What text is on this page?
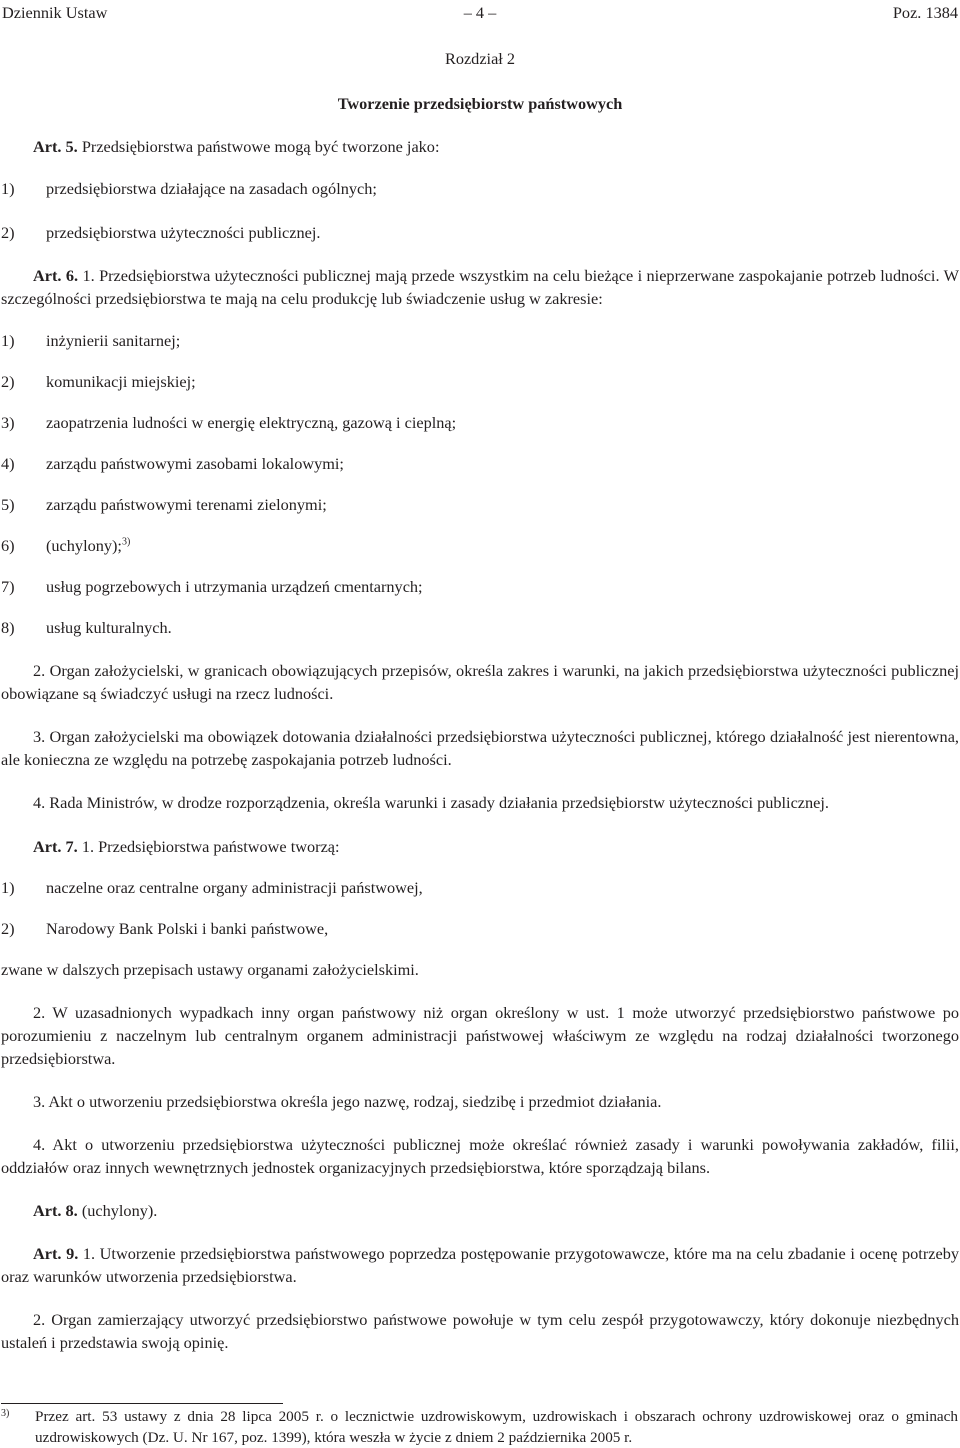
Dziennik Ustaw	– 4 –	Poz. 1384
Rozdział 2
Tworzenie przedsiębiorstw państwowych

Art. 5. Przedsiębiorstwa państwowe mogą być tworzone jako:

1)	przedsiębiorstwa działające na zasadach ogólnych;
2)	przedsiębiorstwa użyteczności publicznej.

Art. 6. 1. Przedsiębiorstwa użyteczności publicznej mają przede wszystkim na celu bieżące i nieprzerwane zaspokajanie potrzeb ludności. W szczególności przedsiębiorstwa te mają na celu produkcję lub świadczenie usług w zakresie:

1)	inżynierii sanitarnej;
2)	komunikacji miejskiej;
3)	zaopatrzenia ludności w energię elektryczną, gazową i cieplną;
4)	zarządu państwowymi zasobami lokalowymi;
5)	zarządu państwowymi terenami zielonymi;
6)	(uchylony);$^{3)}$
7)	usług pogrzebowych i utrzymania urządzeń cmentarnych;
8)	usług kulturalnych.

2. Organ założycielski, w granicach obowiązujących przepisów, określa zakres i warunki, na jakich przedsiębiorstwa użyteczności publicznej obowiązane są świadczyć usługi na rzecz ludności.

3. Organ założycielski ma obowiązek dotowania działalności przedsiębiorstwa użyteczności publicznej, którego działalność jest nierentowna, ale konieczna ze względu na potrzebę zaspokajania potrzeb ludności.

4. Rada Ministrów, w drodze rozporządzenia, określa warunki i zasady działania przedsiębiorstw użyteczności publicznej.

Art. 7. 1. Przedsiębiorstwa państwowe tworzą:

1)	naczelne oraz centralne organy administracji państwowej,
2)	Narodowy Bank Polski i banki państwowe,

zwane w dalszych przepisach ustawy organami założycielskimi.

2. W uzasadnionych wypadkach inny organ państwowy niż organ określony w ust. 1 może utworzyć przedsiębiorstwo państwowe po porozumieniu z naczelnym lub centralnym organem administracji państwowej właściwym ze względu na rodzaj działalności tworzonego przedsiębiorstwa.

3. Akt o utworzeniu przedsiębiorstwa określa jego nazwę, rodzaj, siedzibę i przedmiot działania.

4. Akt o utworzeniu przedsiębiorstwa użyteczności publicznej może określać również zasady i warunki powoływania zakładów, filii, oddziałów oraz innych wewnętrznych jednostek organizacyjnych przedsiębiorstwa, które sporządzają bilans.

Art. 8. (uchylony).

Art. 9. 1. Utworzenie przedsiębiorstwa państwowego poprzedza postępowanie przygotowawcze, które ma na celu zbadanie i ocenę potrzeby oraz warunków utworzenia przedsiębiorstwa.

2. Organ zamierzający utworzyć przedsiębiorstwo państwowe powołuje w tym celu zespół przygotowawczy, który dokonuje niezbędnych ustaleń i przedstawia swoją opinię.

3)	Przez art. 53 ustawy z dnia 28 lipca 2005 r. o lecznictwie uzdrowiskowym, uzdrowiskach i obszarach ochrony uzdrowiskowej oraz o gminach uzdrowiskowych (Dz. U. Nr 167, poz. 1399), która weszła w życie z dniem 2 października 2005 r.
